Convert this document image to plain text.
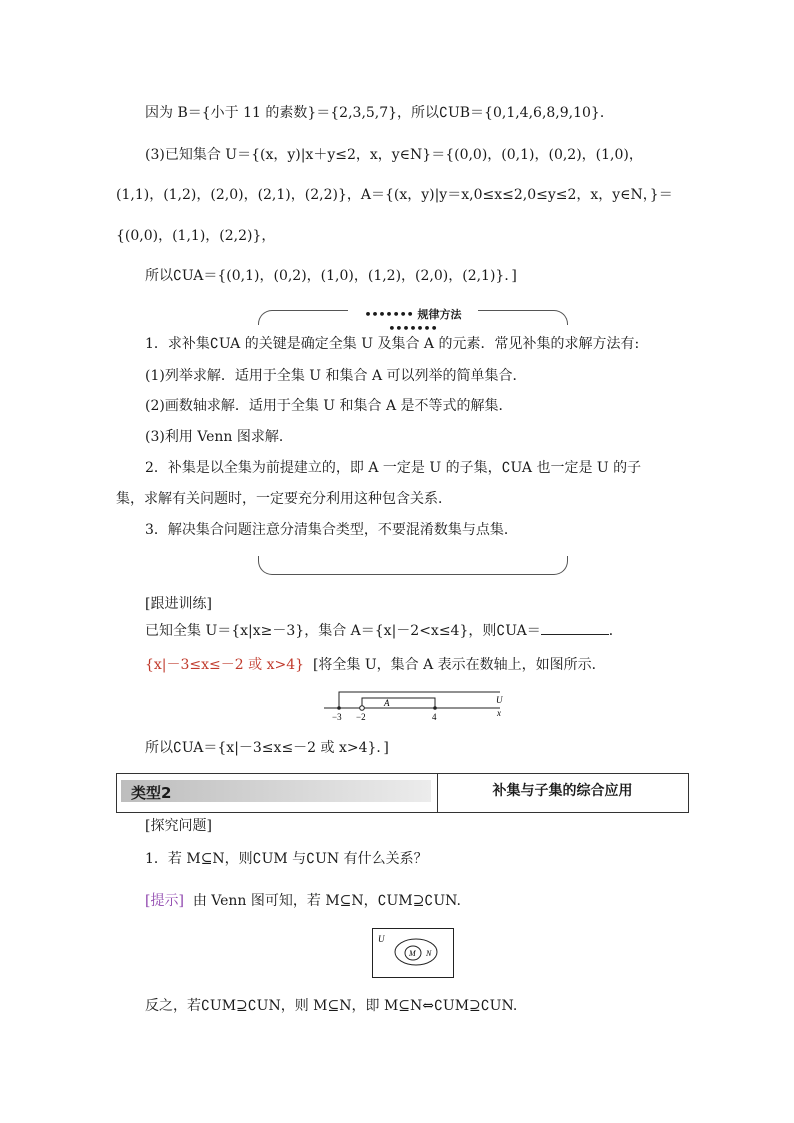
因为 B＝{小于 11 的素数}＝{2,3,5,7}，所以∁UB＝{0,1,4,6,8,9,10}．
(3)已知集合 U＝{(x，y)|x＋y≤2，x，y∈N}＝{(0,0)，(0,1)，(0,2)，(1,0)，
(1,1)，(1,2)，(2,0)，(2,1)，(2,2)}，A＝{(x，y)|y＝x,0≤x≤2,0≤y≤2，x，y∈N，}＝
{(0,0)，(1,1)，(2,2)}，
所以∁UA＝{(0,1)，(0,2)，(1,0)，(1,2)，(2,0)，(2,1)}．]
••••••• 规律方法 •••••••
1．求补集∁UA 的关键是确定全集 U 及集合 A 的元素．常见补集的求解方法有:
(1)列举求解．适用于全集 U 和集合 A 可以列举的简单集合．
(2)画数轴求解．适用于全集 U 和集合 A 是不等式的解集．
(3)利用 Venn 图求解．
2．补集是以全集为前提建立的，即 A 一定是 U 的子集，∁UA 也一定是 U 的子
集，求解有关问题时，一定要充分利用这种包含关系．
3．解决集合问题注意分清集合类型，不要混淆数集与点集．
[跟进训练]
已知全集 U＝{x|x≥－3}，集合 A＝{x|－2<x≤4}，则∁UA＝	．
{x|－3≤x≤－2 或 x>4} [将全集 U，集合 A 表示在数轴上，如图所示．
A	U
x
−3 −2	4
所以∁UA＝{x|－3≤x≤－2 或 x>4}．]
类型2	补集与子集的综合应用
[探究问题]
1．若 M⊆N，则∁UM 与∁UN 有什么关系？
[提示] 由 Venn 图可知，若 M⊆N，∁UM⊇∁UN.
U
M N
反之，若∁UM⊇∁UN，则 M⊆N，即 M⊆N⇔∁UM⊇∁UN.
